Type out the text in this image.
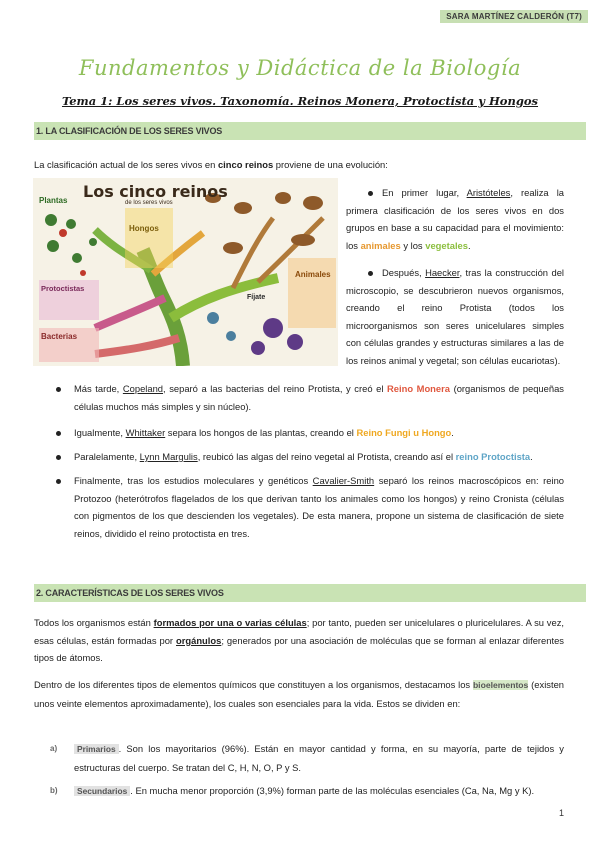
SARA MARTÍNEZ CALDERÓN (T7)
Fundamentos y Didáctica de la Biología
Tema 1: Los seres vivos. Taxonomía. Reinos Monera, Protoctista y Hongos
1. LA CLASIFICACIÓN DE LOS SERES VIVOS
La clasificación actual de los seres vivos en cinco reinos proviene de una evolución:
Los cinco reinos
de los seres vivos
Plantas
Hongos
Protoctistas
Bacterias
Animales
Fíjate
En primer lugar, Aristóteles, realiza la primera clasificación de los seres vivos en dos grupos en base a su capacidad para el movimiento: los animales y los vegetales.
Después, Haecker, tras la construcción del microscopio, se descubrieron nuevos organismos, creando el reino Protista (todos los microorganismos son seres unicelulares simples con células grandes y estructuras similares a las de los reinos animal y vegetal; son células eucariotas).
Más tarde, Copeland, separó a las bacterias del reino Protista, y creó el Reino Monera (organismos de pequeñas células muchos más simples y sin núcleo).
Igualmente, Whittaker separa los hongos de las plantas, creando el Reino Fungi u Hongo.
Paralelamente, Lynn Margulis, reubicó las algas del reino vegetal al Protista, creando así el reino Protoctista.
Finalmente, tras los estudios moleculares y genéticos Cavalier-Smith separó los reinos macroscópicos en: reino Protozoo (heterótrofos flagelados de los que derivan tanto los animales como los hongos) y reino Cronista (células con pigmentos de los que descienden los vegetales). De esta manera, propone un sistema de clasificación de siete reinos, dividido el reino protoctista en tres.
2. CARACTERÍSTICAS DE LOS SERES VIVOS
Todos los organismos están formados por una o varias células; por tanto, pueden ser unicelulares o pluricelulares. A su vez, esas células, están formadas por orgánulos; generados por una asociación de moléculas que se forman al enlazar diferentes tipos de átomos.
Dentro de los diferentes tipos de elementos químicos que constituyen a los organismos, destacamos los bioelementos (existen unos veinte elementos aproximadamente), los cuales son esenciales para la vida. Estos se dividen en:
a) Primarios . Son los mayoritarios (96%). Están en mayor cantidad y forma, en su mayoría, parte de tejidos y estructuras del cuerpo. Se tratan del C, H, N, O, P y S.
b) Secundarios . En mucha menor proporción (3,9%) forman parte de las moléculas esenciales (Ca, Na, Mg y K).
1
